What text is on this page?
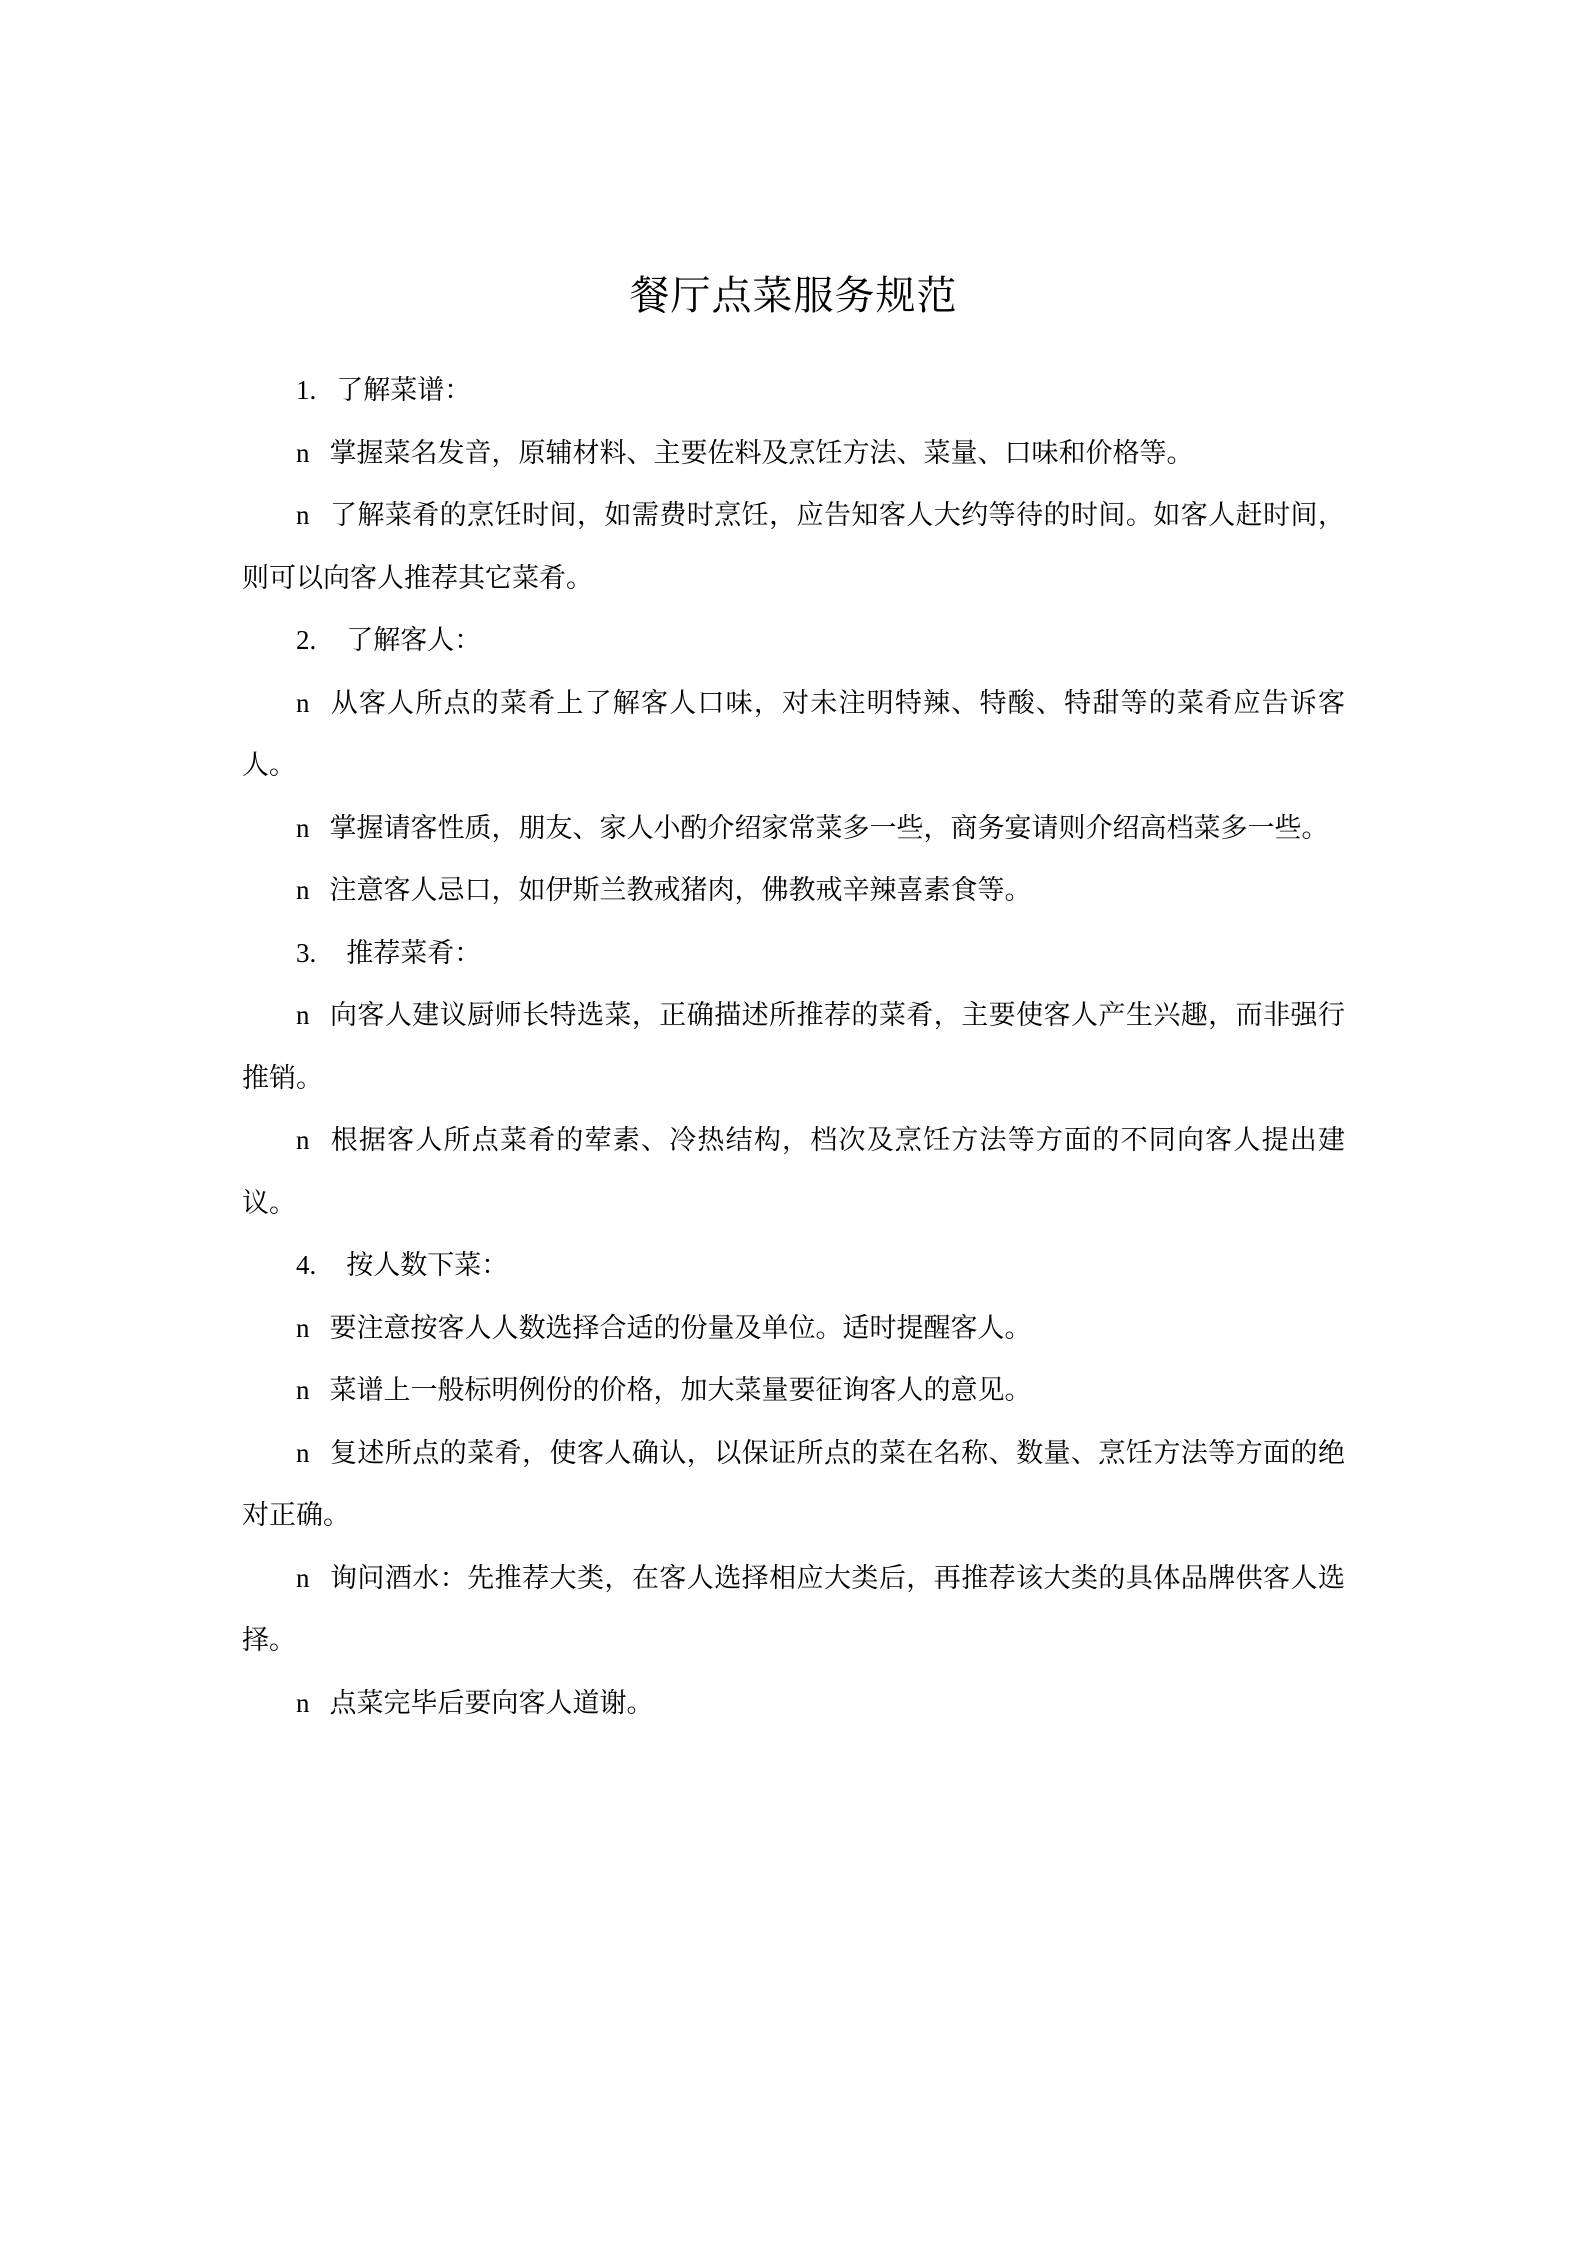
餐厅点菜服务规范

1. 了解菜谱：

n 掌握菜名发音，原辅材料、主要佐料及烹饪方法、菜量、口味和价格等。

n 了解菜肴的烹饪时间，如需费时烹饪，应告知客人大约等待的时间。如客人赶时间，则可以向客人推荐其它菜肴。

2. 了解客人：

n 从客人所点的菜肴上了解客人口味，对未注明特辣、特酸、特甜等的菜肴应告诉客人。

n 掌握请客性质，朋友、家人小酌介绍家常菜多一些，商务宴请则介绍高档菜多一些。

n 注意客人忌口，如伊斯兰教戒猪肉，佛教戒辛辣喜素食等。

3. 推荐菜肴：

n 向客人建议厨师长特选菜，正确描述所推荐的菜肴，主要使客人产生兴趣，而非强行推销。

n 根据客人所点菜肴的荤素、冷热结构，档次及烹饪方法等方面的不同向客人提出建议。

4. 按人数下菜：

n 要注意按客人人数选择合适的份量及单位。适时提醒客人。

n 菜谱上一般标明例份的价格，加大菜量要征询客人的意见。

n 复述所点的菜肴，使客人确认，以保证所点的菜在名称、数量、烹饪方法等方面的绝对正确。

n 询问酒水：先推荐大类，在客人选择相应大类后，再推荐该大类的具体品牌供客人选择。

n 点菜完毕后要向客人道谢。
